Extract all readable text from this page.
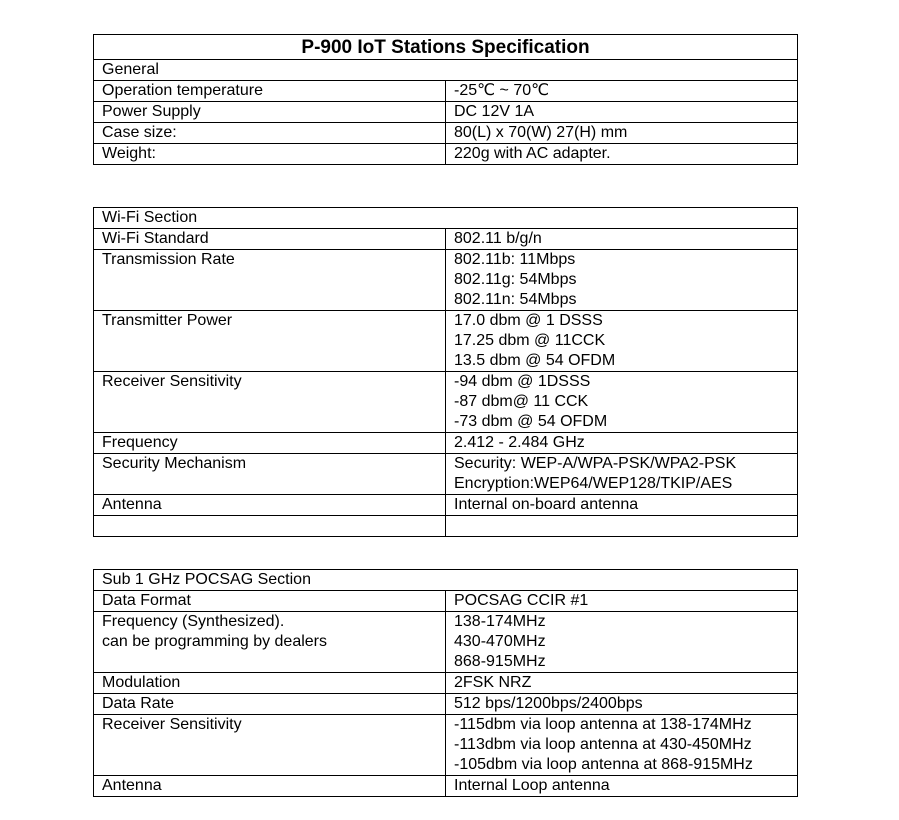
P-900 IoT Stations Specification	
General	

Operation temperature	-25℃ ~ 70℃

Power Supply	DC 12V 1A

Case size:	80(L) x 70(W) 27(H) mm

Weight:	220g with AC adapter.
Wi-Fi Section	

Wi-Fi Standard	802.11 b/g/n

Transmission Rate	802.11b: 11Mbps
802.11g: 54Mbps
802.11n: 54Mbps

Transmitter Power	17.0 dbm @ 1 DSSS
17.25 dbm @ 11CCK
13.5 dbm @ 54 OFDM

Receiver Sensitivity	-94 dbm @ 1DSSS
-87 dbm@ 11 CCK
-73 dbm @ 54 OFDM

Frequency	2.412 - 2.484 GHz

Security Mechanism	Security: WEP-A/WPA-PSK/WPA2-PSK
Encryption:WEP64/WEP128/TKIP/AES

Antenna	Internal on-board antenna

Sub 1 GHz POCSAG Section	

Data Format	POCSAG CCIR #1

Frequency (Synthesized).
can be programming by dealers	138-174MHz
430-470MHz
868-915MHz

Modulation	2FSK NRZ

Data Rate	512 bps/1200bps/2400bps

Receiver Sensitivity	-115dbm via loop antenna at 138-174MHz
-113dbm via loop antenna at 430-450MHz
-105dbm via loop antenna at 868-915MHz

Antenna	Internal Loop antenna
